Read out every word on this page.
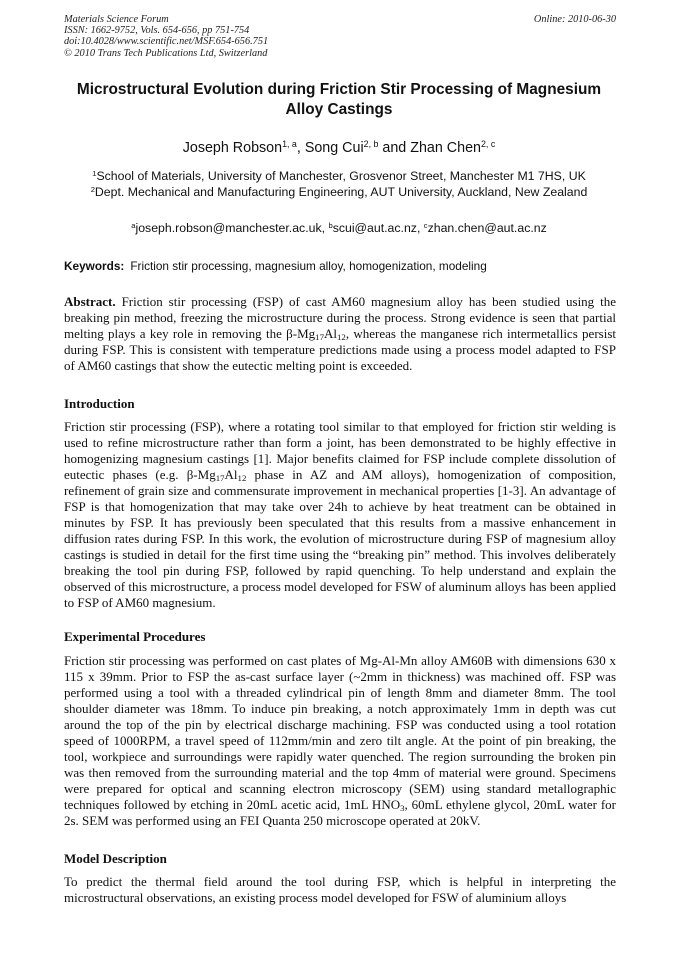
Materials Science Forum	Online: 2010-06-30
ISSN: 1662-9752, Vols. 654-656, pp 751-754
doi:10.4028/www.scientific.net/MSF.654-656.751
© 2010 Trans Tech Publications Ltd, Switzerland
Microstructural Evolution during Friction Stir Processing of Magnesium Alloy Castings
Joseph Robson$^{1, a}$, Song Cui$^{2, b}$ and Zhan Chen$^{2, c}$
$^1$School of Materials, University of Manchester, Grosvenor Street, Manchester M1 7HS, UK
$^2$Dept. Mechanical and Manufacturing Engineering, AUT University, Auckland, New Zealand
$^a$joseph.robson@manchester.ac.uk, $^b$scui@aut.ac.nz, $^c$zhan.chen@aut.ac.nz
Keywords: Friction stir processing, magnesium alloy, homogenization, modeling

Abstract. Friction stir processing (FSP) of cast AM60 magnesium alloy has been studied using the breaking pin method, freezing the microstructure during the process. Strong evidence is seen that partial melting plays a key role in removing the $\beta-Mg_{17}Al_{12}$, whereas the manganese rich intermetallics persist during FSP. This is consistent with temperature predictions made using a process model adapted to FSP of AM60 castings that show the eutectic melting point is exceeded.

Introduction

Friction stir processing (FSP), where a rotating tool similar to that employed for friction stir welding is used to refine microstructure rather than form a joint, has been demonstrated to be highly effective in homogenizing magnesium castings [1]. Major benefits claimed for FSP include complete dissolution of eutectic phases (e.g. $\beta-Mg_{17}Al_{12}$ phase in AZ and AM alloys), homogenization of composition, refinement of grain size and commensurate improvement in mechanical properties [1-3]. An advantage of FSP is that homogenization that may take over 24h to achieve by heat treatment can be obtained in minutes by FSP. It has previously been speculated that this results from a massive enhancement in diffusion rates during FSP. In this work, the evolution of microstructure during FSP of magnesium alloy castings is studied in detail for the first time using the “breaking pin” method. This involves deliberately breaking the tool pin during FSP, followed by rapid quenching. To help understand and explain the observed of this microstructure, a process model developed for FSW of aluminum alloys has been applied to FSP of AM60 magnesium.

Experimental Procedures

Friction stir processing was performed on cast plates of Mg-Al-Mn alloy AM60B with dimensions 630 x 115 x 39mm. Prior to FSP the as-cast surface layer (~2mm in thickness) was machined off. FSP was performed using a tool with a threaded cylindrical pin of length 8mm and diameter 8mm. The tool shoulder diameter was 18mm. To induce pin breaking, a notch approximately 1mm in depth was cut around the top of the pin by electrical discharge machining. FSP was conducted using a tool rotation speed of 1000RPM, a travel speed of 112mm/min and zero tilt angle. At the point of pin breaking, the tool, workpiece and surroundings were rapidly water quenched. The region surrounding the broken pin was then removed from the surrounding material and the top 4mm of material were ground. Specimens were prepared for optical and scanning electron microscopy (SEM) using standard metallographic techniques followed by etching in 20mL acetic acid, 1mL $HNO_3$, 60mL ethylene glycol, 20mL water for 2s. SEM was performed using an FEI Quanta 250 microscope operated at 20kV.

Model Description

To predict the thermal field around the tool during FSP, which is helpful in interpreting the microstructural observations, an existing process model developed for FSW of aluminium alloys
